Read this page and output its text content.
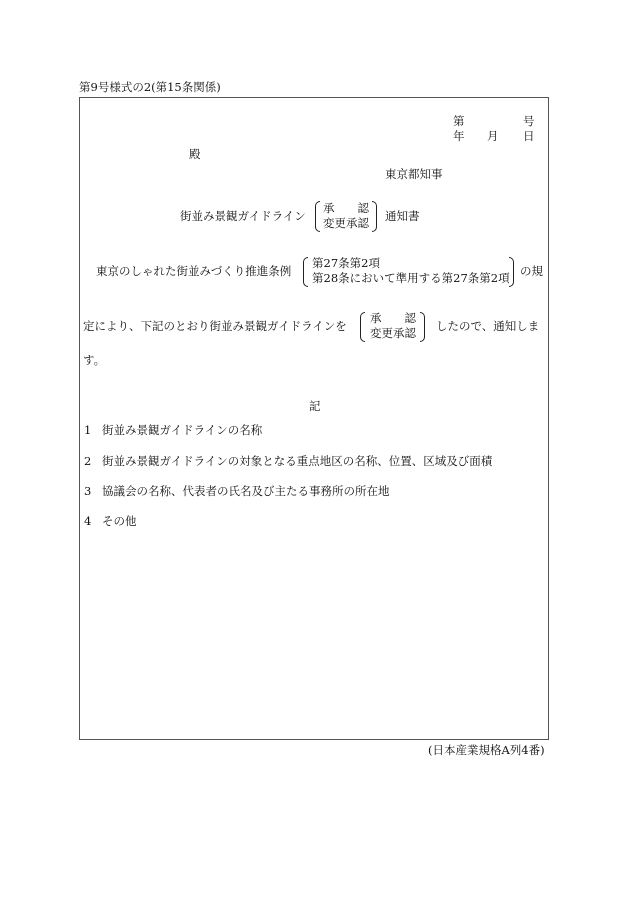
第9号様式の2(第15条関係)
第	号
年 月 日
殿
東京都知事
街並み景観ガイドライン
承　　認
変更承認 通知書
東京のしゃれた街並みづくり推進条例
第27条第2項
第28条において準用する第27条第2項 の規
定により、下記のとおり街並み景観ガイドラインを
承　　認
変更承認 したので、通知しま
す。
記
1 街並み景観ガイドラインの名称
2 街並み景観ガイドラインの対象となる重点地区の名称、位置、区域及び面積
3 協議会の名称、代表者の氏名及び主たる事務所の所在地
4 その他
(日本産業規格A列4番)
